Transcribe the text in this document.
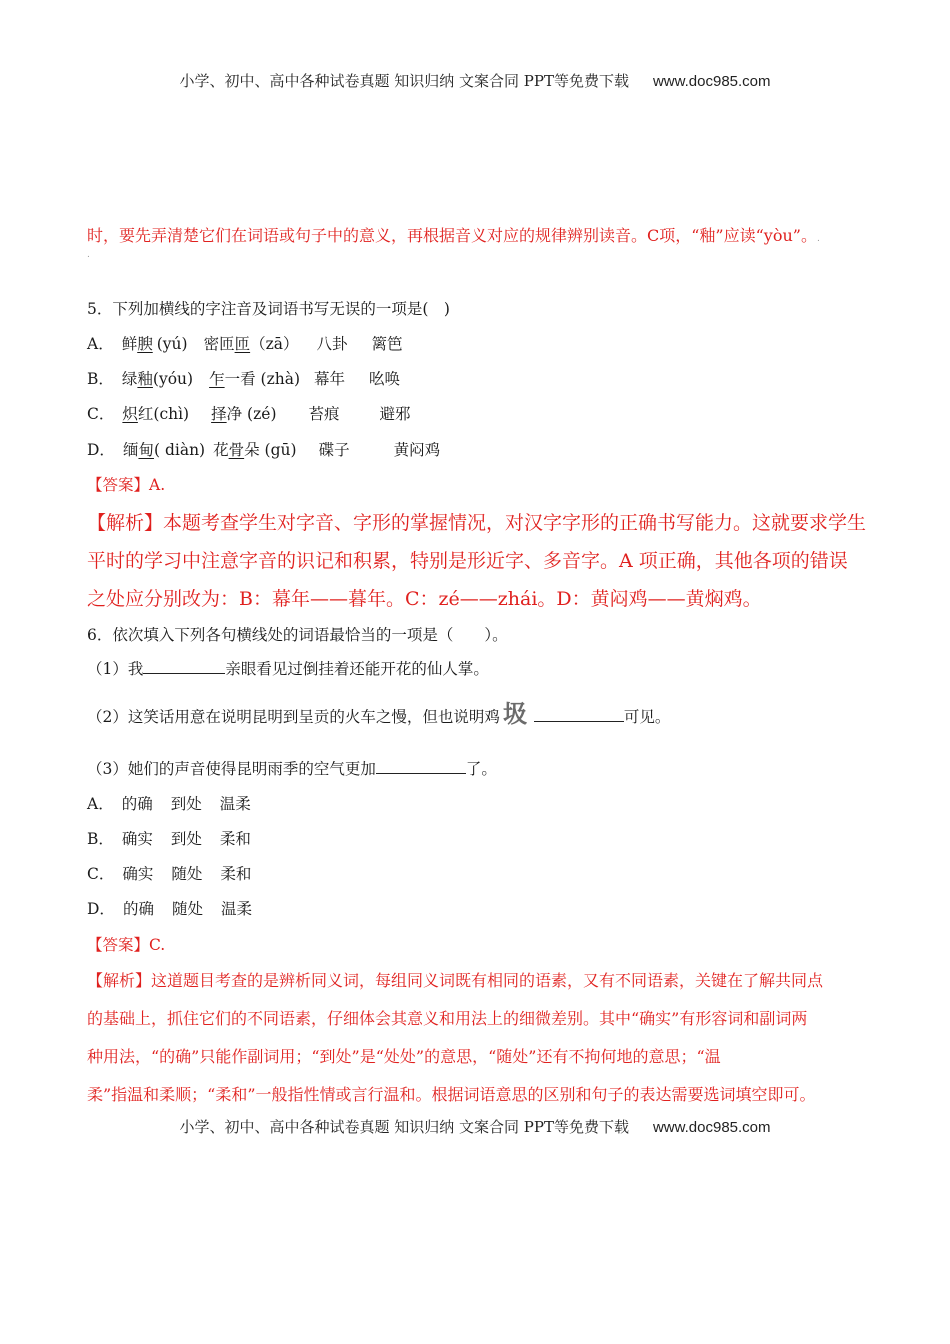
小学、初中、高中各种试卷真题 知识归纳 文案合同 PPT等免费下载 www.doc985.com
时，要先弄清楚它们在词语或句子中的意义，再根据音义对应的规律辨别读音。C项，“釉”应读“yòu”。.
.
5．下列加横线的字注音及词语书写无误的一项是(　)
A． 鲜腴 (yú) 密匝匝（zā） 八卦 篱笆
B． 绿釉(yóu) 乍一看 (zhà) 幕年 吆唤
C． 炽红(chì) 择净 (zé) 苔痕	避邪
D． 缅甸( diàn) 花骨朵 (gū) 碟子	黄闷鸡
【答案】A.
【解析】本题考查学生对字音、字形的掌握情况，对汉字字形的正确书写能力。这就要求学生
平时的学习中注意字音的识记和积累，特别是形近字、多音字。A 项正确，其他各项的错误
之处应分别改为：B：幕年——暮年。C：zé——zhái。D：黄闷鸡——黄焖鸡。
6．依次填入下列各句横线处的词语最恰当的一项是（　　）。
（1）我	亲眼看见过倒挂着还能开花的仙人掌。
（2）这笑话用意在说明昆明到呈贡的火车之慢，但也说明鸡 圾	可见。
（3）她们的声音使得昆明雨季的空气更加	了。
A． 的确 到处 温柔
B． 确实 到处 柔和
C． 确实 随处 柔和
D． 的确 随处 温柔
【答案】C.
【解析】这道题目考查的是辨析同义词，每组同义词既有相同的语素，又有不同语素，关键在了解共同点
的基础上，抓住它们的不同语素，仔细体会其意义和用法上的细微差别。其中“确实”有形容词和副词两
种用法，“的确”只能作副词用；“到处”是“处处”的意思，“随处”还有不拘何地的意思；“温
柔”指温和柔顺；“柔和”一般指性情或言行温和。根据词语意思的区别和句子的表达需要选词填空即可。
小学、初中、高中各种试卷真题 知识归纳 文案合同 PPT等免费下载 www.doc985.com
